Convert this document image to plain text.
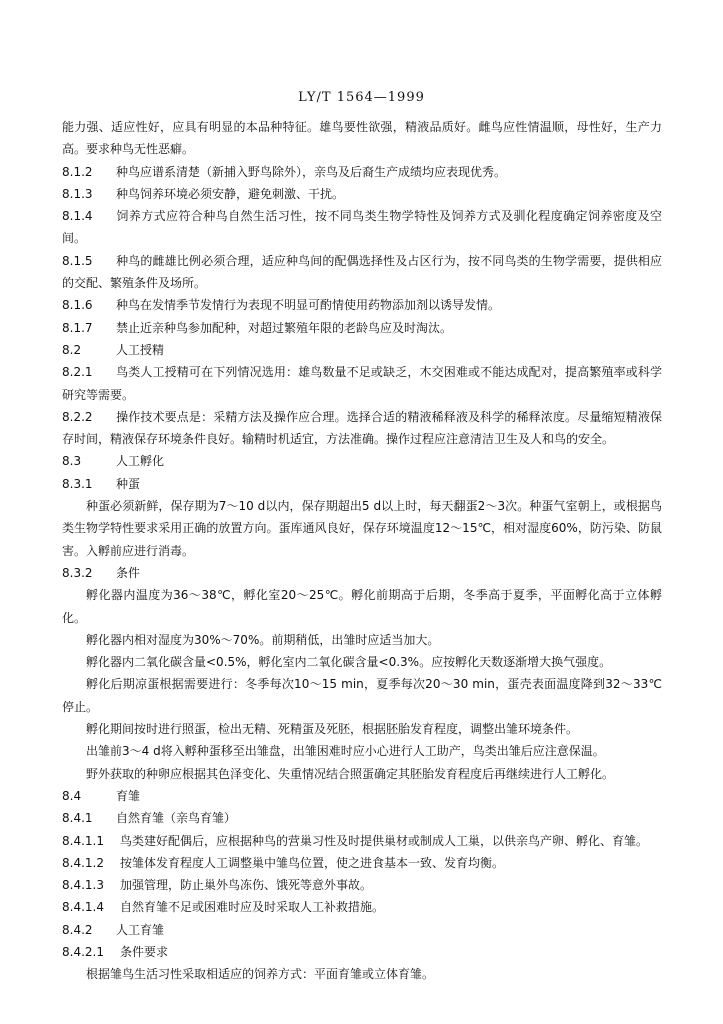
LY/T 1564—1999

能力强、适应性好，应具有明显的本品种特征。雄鸟要性欲强，精液品质好。雌鸟应性情温顺，母性好，生产力高。要求种鸟无性恶癖。

8.1.2 种鸟应谱系清楚（新捕入野鸟除外），亲鸟及后裔生产成绩均应表现优秀。

8.1.3 种鸟饲养环境必须安静，避免刺激、干扰。

8.1.4 饲养方式应符合种鸟自然生活习性，按不同鸟类生物学特性及饲养方式及驯化程度确定饲养密度及空间。

8.1.5 种鸟的雌雄比例必须合理，适应种鸟间的配偶选择性及占区行为，按不同鸟类的生物学需要，提供相应的交配、繁殖条件及场所。

8.1.6 种鸟在发情季节发情行为表现不明显可酌情使用药物添加剂以诱导发情。

8.1.7 禁止近亲种鸟参加配种，对超过繁殖年限的老龄鸟应及时淘汰。

8.2	人工授精

8.2.1 鸟类人工授精可在下列情况选用：雄鸟数量不足或缺乏，木交困难或不能达成配对，提高繁殖率或科学研究等需要。

8.2.2 操作技术要点是：采精方法及操作应合理。选择合适的精液稀释液及科学的稀释浓度。尽量缩短精液保存时间，精液保存环境条件良好。输精时机适宜，方法准确。操作过程应注意清洁卫生及人和鸟的安全。

8.3	人工孵化

8.3.1 种蛋

种蛋必须新鲜，保存期为7～10 d以内，保存期超出5 d以上时，每天翻蛋2～3次。种蛋气室朝上，或根据鸟类生物学特性要求采用正确的放置方向。蛋库通风良好，保存环境温度12～15℃，相对湿度60%，防污染、防鼠害。入孵前应进行消毒。

8.3.2 条件

孵化器内温度为36～38℃，孵化室20～25℃。孵化前期高于后期，冬季高于夏季，平面孵化高于立体孵化。

孵化器内相对湿度为30%～70%。前期稍低，出雏时应适当加大。

孵化器内二氧化碳含量<0.5%，孵化室内二氧化碳含量<0.3%。应按孵化天数逐渐增大换气强度。

孵化后期凉蛋根据需要进行：冬季每次10～15 min，夏季每次20～30 min，蛋壳表面温度降到32～33℃停止。

孵化期间按时进行照蛋，检出无精、死精蛋及死胚，根据胚胎发育程度，调整出雏环境条件。

出雏前3～4 d将入孵种蛋移至出雏盘，出雏困难时应小心进行人工助产，鸟类出雏后应注意保温。

野外获取的种卵应根据其色泽变化、失重情况结合照蛋确定其胚胎发育程度后再继续进行人工孵化。

8.4	育雏

8.4.1 自然育雏（亲鸟育雏）

8.4.1.1 鸟类建好配偶后，应根据种鸟的营巢习性及时提供巢材或制成人工巢，以供亲鸟产卵、孵化、育雏。

8.4.1.2 按雏体发育程度人工调整巢中雏鸟位置，使之进食基本一致、发育均衡。

8.4.1.3 加强管理，防止巢外鸟冻伤、饿死等意外事故。

8.4.1.4 自然育雏不足或困难时应及时采取人工补救措施。

8.4.2 人工育雏

8.4.2.1 条件要求

根据雏鸟生活习性采取相适应的饲养方式：平面育雏或立体育雏。
